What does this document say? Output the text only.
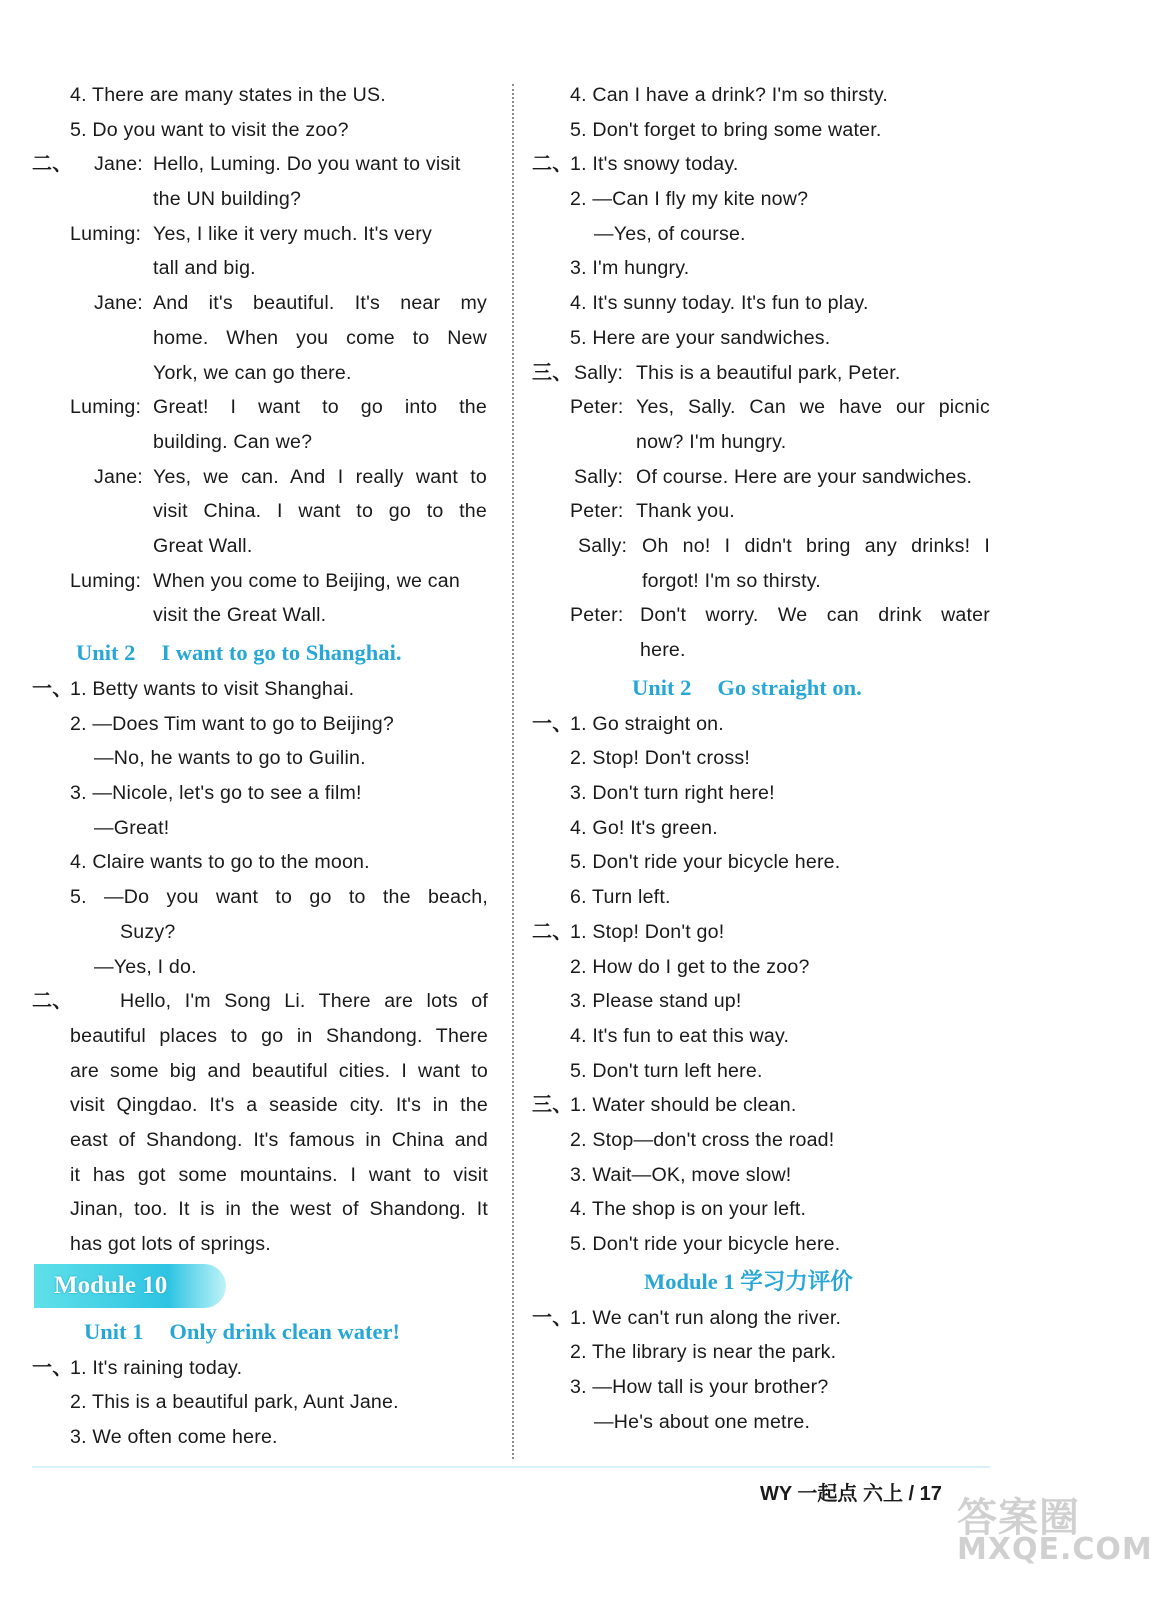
4. There are many states in the US.
5. Do you want to visit the zoo?
二、 Jane: Hello, Luming. Do you want to visit
the UN building?
Luming: Yes, I like it very much. It's very
tall and big.
Jane: And it's beautiful. It's near my
home. When you come to New
York, we can go there.
Luming: Great! I want to go into the
building. Can we?
Jane: Yes, we can. And I really want to
visit China. I want to go to the
Great Wall.
Luming: When you come to Beijing, we can
visit the Great Wall.
Unit 2 I want to go to Shanghai.
一、
1. Betty wants to visit Shanghai.
2. —Does Tim want to go to Beijing?
—No, he wants to go to Guilin.
3. —Nicole, let's go to see a film!
—Great!
4. Claire wants to go to the moon.
5. —Do you want to go to the beach,
Suzy?
—Yes, I do.
二、 Hello, I'm Song Li. There are lots of
beautiful places to go in Shandong. There
are some big and beautiful cities. I want to
visit Qingdao. It's a seaside city. It's in the
east of Shandong. It's famous in China and
it has got some mountains. I want to visit
Jinan, too. It is in the west of Shandong. It
has got lots of springs.
Module 10
Unit 1 Only drink clean water!
一、
1. It's raining today.
2. This is a beautiful park, Aunt Jane.
3. We often come here.
4. Can I have a drink? I'm so thirsty.
5. Don't forget to bring some water.
二、
1. It's snowy today.
2. —Can I fly my kite now?
—Yes, of course.
3. I'm hungry.
4. It's sunny today. It's fun to play.
5. Here are your sandwiches.
三、 Sally: This is a beautiful park, Peter.
Peter: Yes, Sally. Can we have our picnic
now? I'm hungry.
Sally: Of course. Here are your sandwiches.
Peter: Thank you.
Sally: Oh no! I didn't bring any drinks! I
forgot! I'm so thirsty.
Peter: Don't worry. We can drink water
here.
Unit 2 Go straight on.
一、
1. Go straight on.
2. Stop! Don't cross!
3. Don't turn right here!
4. Go! It's green.
5. Don't ride your bicycle here.
6. Turn left.
二、
1. Stop! Don't go!
2. How do I get to the zoo?
3. Please stand up!
4. It's fun to eat this way.
5. Don't turn left here.
三、
1. Water should be clean.
2. Stop—don't cross the road!
3. Wait—OK, move slow!
4. The shop is on your left.
5. Don't ride your bicycle here.
Module 1 学习力评价
一、
1. We can't run along the river.
2. The library is near the park.
3. —How tall is your brother?
—He's about one metre.
WY 一起点 六上 / 17
答案圈
MXQE.COM
